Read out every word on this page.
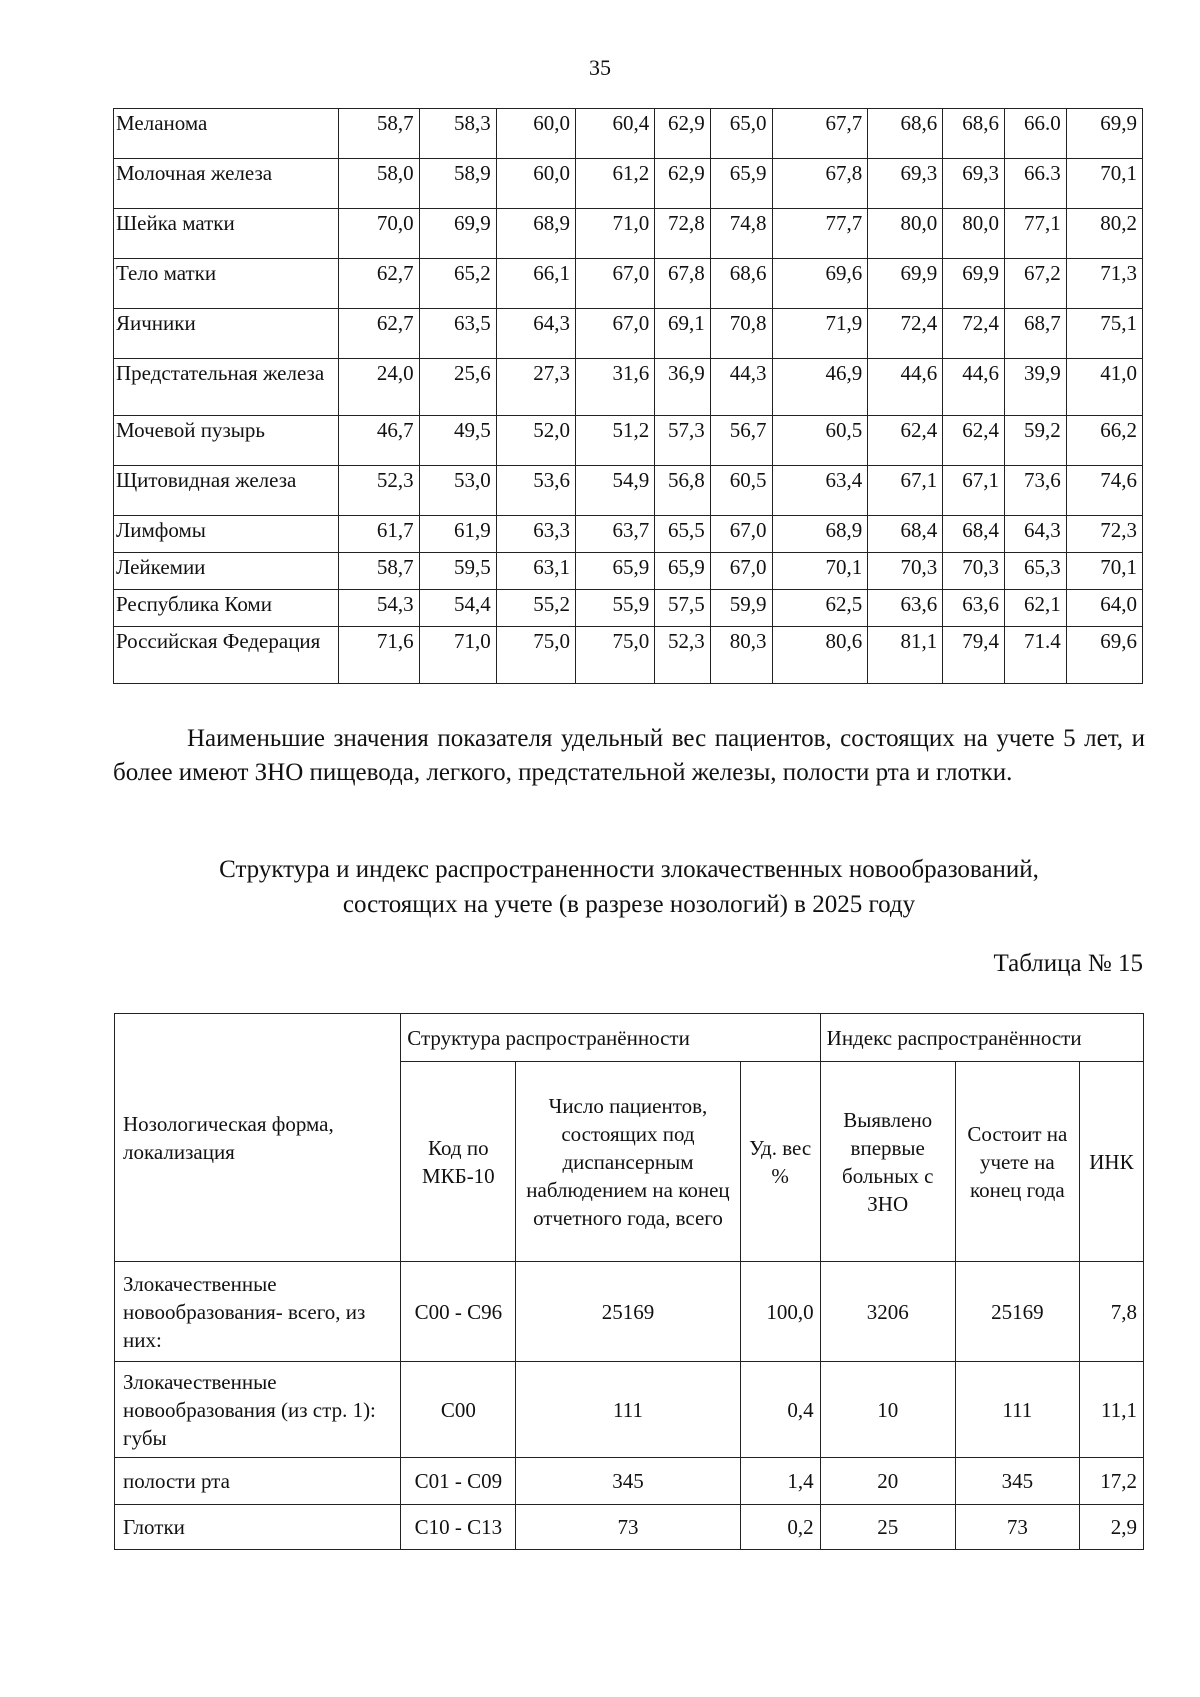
35
Меланома	58,7	58,3	60,0	60,4	62,9	65,0	67,7	68,6	68,6	66.0	69,9
Молочная железа	58,0	58,9	60,0	61,2	62,9	65,9	67,8	69,3	69,3	66.3	70,1
Шейка матки	70,0	69,9	68,9	71,0	72,8	74,8	77,7	80,0	80,0	77,1	80,2
Тело матки	62,7	65,2	66,1	67,0	67,8	68,6	69,6	69,9	69,9	67,2	71,3
Яичники	62,7	63,5	64,3	67,0	69,1	70,8	71,9	72,4	72,4	68,7	75,1
Предстательная железа	24,0	25,6	27,3	31,6	36,9	44,3	46,9	44,6	44,6	39,9	41,0
Мочевой пузырь	46,7	49,5	52,0	51,2	57,3	56,7	60,5	62,4	62,4	59,2	66,2
Щитовидная железа	52,3	53,0	53,6	54,9	56,8	60,5	63,4	67,1	67,1	73,6	74,6
Лимфомы	61,7	61,9	63,3	63,7	65,5	67,0	68,9	68,4	68,4	64,3	72,3
Лейкемии	58,7	59,5	63,1	65,9	65,9	67,0	70,1	70,3	70,3	65,3	70,1
Республика Коми	54,3	54,4	55,2	55,9	57,5	59,9	62,5	63,6	63,6	62,1	64,0
Российская Федерация	71,6	71,0	75,0	75,0	52,3	80,3	80,6	81,1	79,4	71.4	69,6
Наименьшие значения показателя удельный вес пациентов, состоящих на учете 5 лет, и более имеют ЗНО пищевода, легкого, предстательной железы, полости рта и глотки.
Структура и индекс распространенности злокачественных новообразований,
состоящих на учете (в разрезе нозологий) в 2025 году
Таблица № 15
Нозологическая форма, локализация	Структура распространённости			Индекс распространённости		
	Код по МКБ-10	Число пациентов, состоящих под диспансерным наблюдением на конец отчетного года, всего	Уд. вес %	Выявлено впервые больных с ЗНО	Состоит на учете на конец года	ИНК
Злокачественные новообразования- всего, из них:	С00 - С96	25169	100,0	3206	25169	7,8
Злокачественные новообразования (из стр. 1): губы	С00	111	0,4	10	111	11,1
полости рта	С01 - С09	345	1,4	20	345	17,2
Глотки	С10 - С13	73	0,2	25	73	2,9
